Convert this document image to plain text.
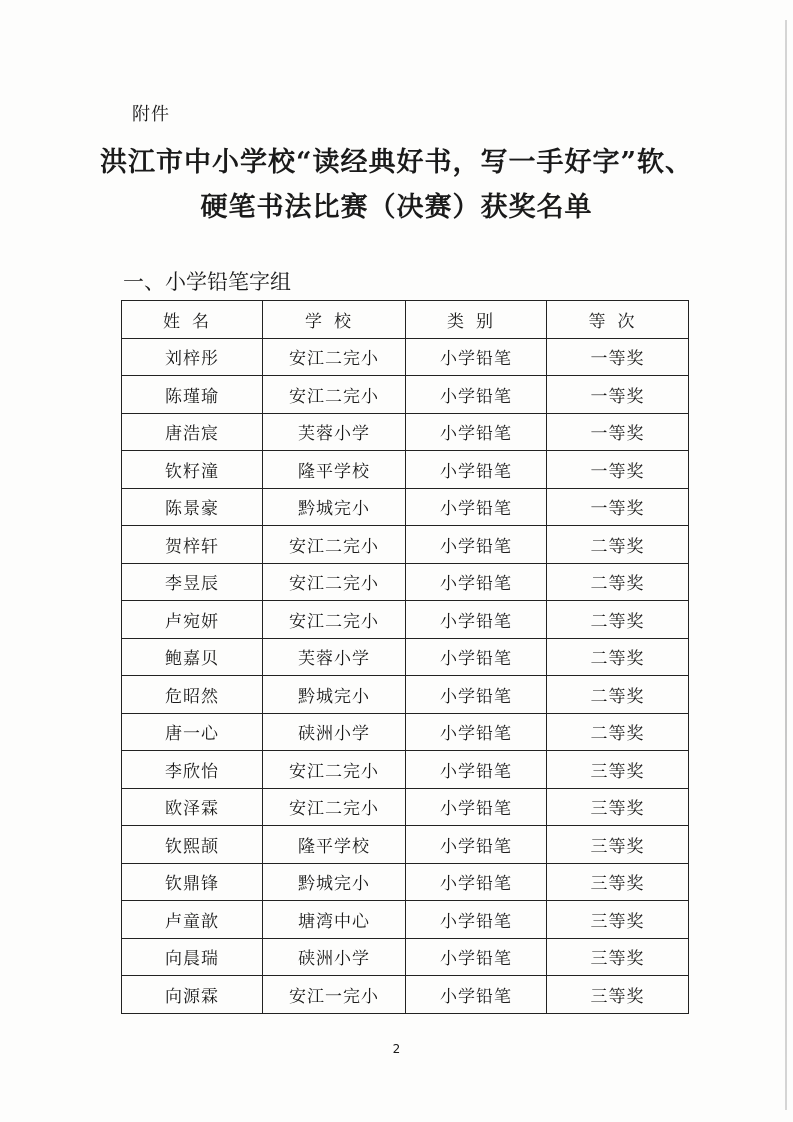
附件
洪江市中小学校“读经典好书，写一手好字”软、
硬笔书法比赛（决赛）获奖名单
一、小学铅笔字组
姓名	学校	类别	等次
刘梓彤	安江二完小	小学铅笔	一等奖
陈瑾瑜	安江二完小	小学铅笔	一等奖
唐浩宸	芙蓉小学	小学铅笔	一等奖
钦籽潼	隆平学校	小学铅笔	一等奖
陈景豪	黔城完小	小学铅笔	一等奖
贺梓轩	安江二完小	小学铅笔	二等奖
李昱辰	安江二完小	小学铅笔	二等奖
卢宛妍	安江二完小	小学铅笔	二等奖
鲍嘉贝	芙蓉小学	小学铅笔	二等奖
危昭然	黔城完小	小学铅笔	二等奖
唐一心	硖洲小学	小学铅笔	二等奖
李欣怡	安江二完小	小学铅笔	三等奖
欧泽霖	安江二完小	小学铅笔	三等奖
钦熙颉	隆平学校	小学铅笔	三等奖
钦鼎锋	黔城完小	小学铅笔	三等奖
卢童歆	塘湾中心	小学铅笔	三等奖
向晨瑞	硖洲小学	小学铅笔	三等奖
向源霖	安江一完小	小学铅笔	三等奖
2
